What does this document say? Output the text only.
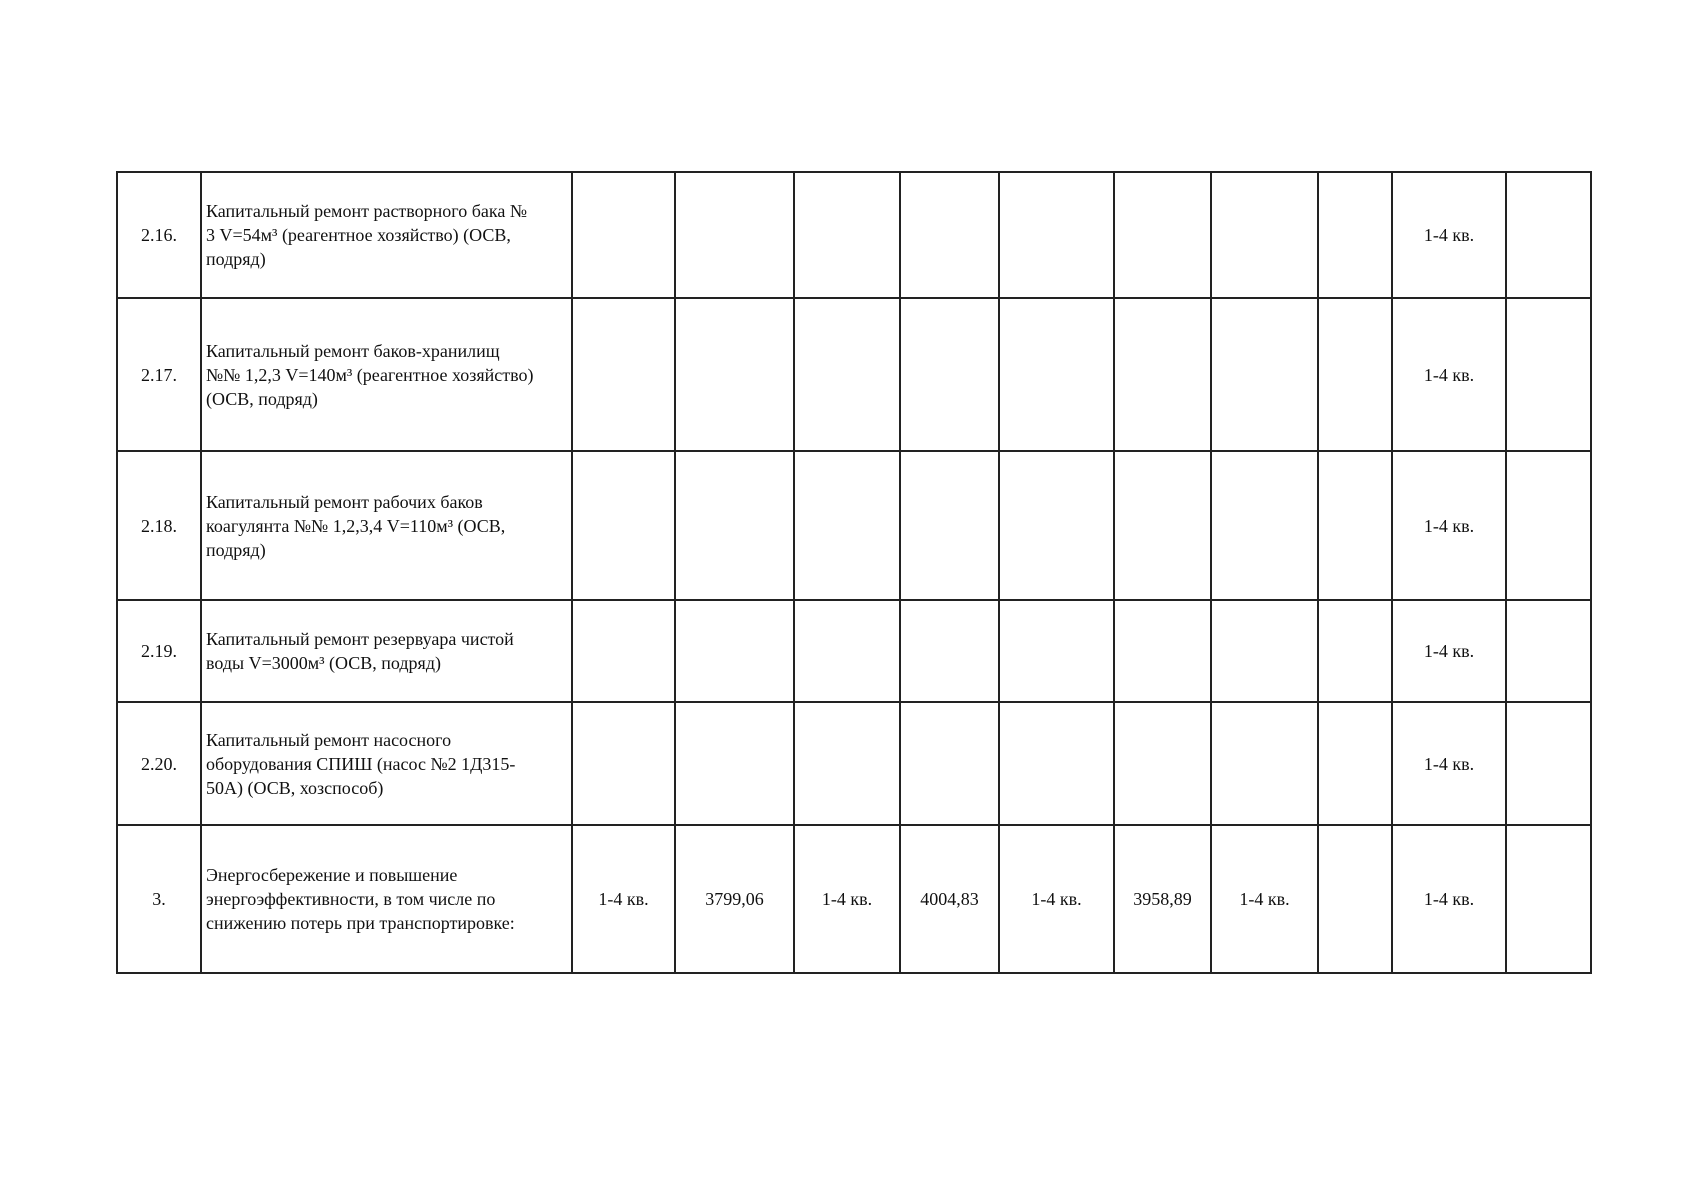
2.16.	Капитальный ремонт растворного бака №
3 V=54м³ (реагентное хозяйство) (ОСВ,
подряд)									1-4 кв.	
2.17.	Капитальный ремонт баков-хранилищ
№№ 1,2,3 V=140м³ (реагентное хозяйство)
(ОСВ, подряд)									1-4 кв.	
2.18.	Капитальный ремонт рабочих баков
коагулянта №№ 1,2,3,4 V=110м³ (ОСВ,
подряд)									1-4 кв.	
2.19.	Капитальный ремонт резервуара чистой
воды V=3000м³ (ОСВ, подряд)									1-4 кв.	
2.20.	Капитальный ремонт насосного
оборудования СПИШ (насос №2 1Д315-
50А) (ОСВ, хозспособ)									1-4 кв.	
3.	Энергосбережение и повышение
энергоэффективности, в том числе по
снижению потерь при транспортировке:	1-4 кв.	3799,06	1-4 кв.	4004,83	1-4 кв.	3958,89	1-4 кв.		1-4 кв.	
